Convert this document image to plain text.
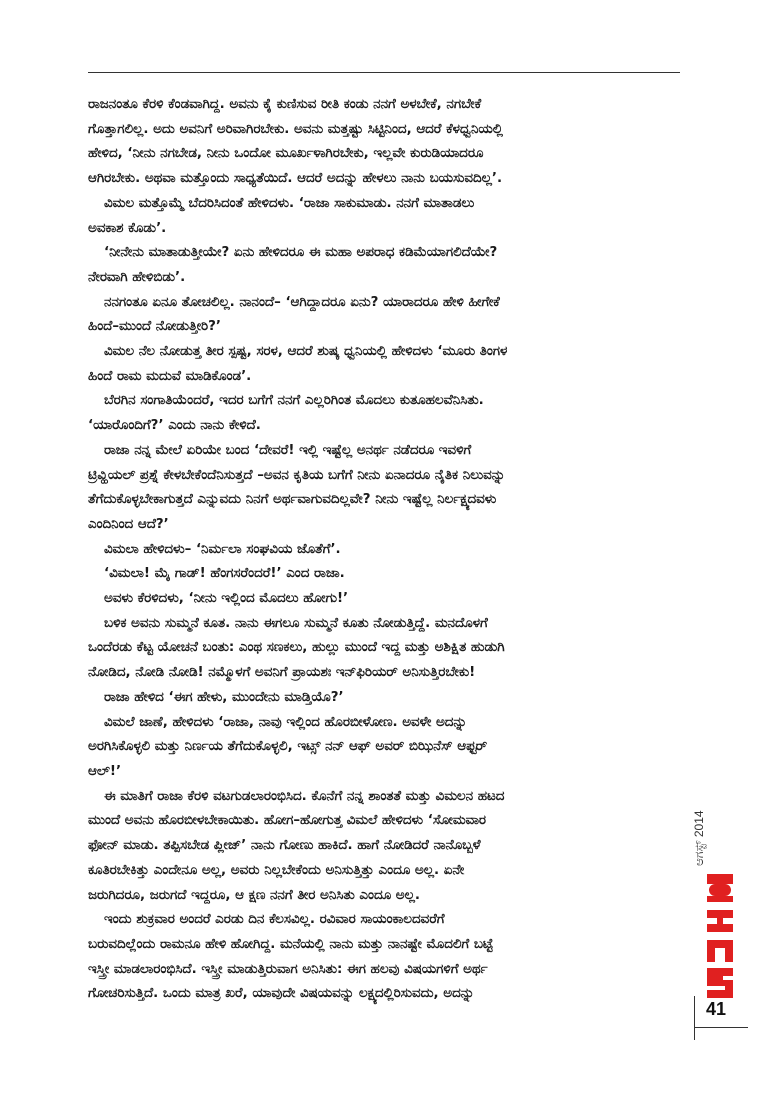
ರಾಜನಂತೂ ಕೆರಳಿ ಕೆಂಡವಾಗಿದ್ದ. ಅವನು ಕೈ ಕುಣಿಸುವ ರೀತಿ ಕಂಡು ನನಗೆ ಅಳಬೇಕೆ, ನಗಬೇಕೆ
ಗೊತ್ತಾಗಲಿಲ್ಲ. ಅದು ಅವನಿಗೆ ಅರಿವಾಗಿರಬೇಕು. ಅವನು ಮತ್ತಷ್ಟು ಸಿಟ್ಟಿನಿಂದ, ಆದರೆ ಕೆಳಧ್ವನಿಯಲ್ಲಿ
ಹೇಳಿದ, ‘ನೀನು ನಗಬೇಡ, ನೀನು ಒಂದೋ ಮೂರ್ಖಳಾಗಿರಬೇಕು, ಇಲ್ಲವೇ ಕುರುಡಿಯಾದರೂ
ಆಗಿರಬೇಕು. ಅಥವಾ ಮತ್ತೊಂದು ಸಾಧ್ಯತೆಯಿದೆ. ಆದರೆ ಅದನ್ನು ಹೇಳಲು ನಾನು ಬಯಸುವದಿಲ್ಲ’.
ವಿಮಲ ಮತ್ತೊಮ್ಮೆ ಬೆದರಿಸಿದಂತೆ ಹೇಳಿದಳು. ‘ರಾಜಾ ಸಾಕುಮಾಡು. ನನಗೆ ಮಾತಾಡಲು
ಅವಕಾಶ ಕೊಡು’.
‘ನೀನೇನು ಮಾತಾಡುತ್ತೀಯೇ? ಏನು ಹೇಳಿದರೂ ಈ ಮಹಾ ಅಪರಾಧ ಕಡಿಮೆಯಾಗಲಿದೆಯೇ?
ನೇರವಾಗಿ ಹೇಳಿಬಿಡು’.
ನನಗಂತೂ ಏನೂ ತೋಚಲಿಲ್ಲ. ನಾನಂದೆ– ‘ಆಗಿದ್ದಾದರೂ ಏನು? ಯಾರಾದರೂ ಹೇಳಿ ಹೀಗೇಕೆ
ಹಿಂದೆ–ಮುಂದೆ ನೋಡುತ್ತೀರಿ?’
ವಿಮಲ ನೆಲ ನೋಡುತ್ತ ತೀರ ಸ್ಪಷ್ಟ, ಸರಳ, ಆದರೆ ಶುಷ್ಕ ಧ್ವನಿಯಲ್ಲಿ ಹೇಳಿದಳು ‘ಮೂರು ತಿಂಗಳ
ಹಿಂದೆ ರಾಮ ಮದುವೆ ಮಾಡಿಕೊಂಡ’.
ಬೆರಗಿನ ಸಂಗಾತಿಯೆಂದರೆ, ಇದರ ಬಗೆಗೆ ನನಗೆ ಎಲ್ಲರಿಗಿಂತ ಮೊದಲು ಕುತೂಹಲವೆನಿಸಿತು.
‘ಯಾರೊಂದಿಗೆ?’ ಎಂದು ನಾನು ಕೇಳಿದೆ.
ರಾಜಾ ನನ್ನ ಮೇಲೆ ಏರಿಯೇ ಬಂದ ‘ದೇವರೆ! ಇಲ್ಲಿ ಇಷ್ಟೆಲ್ಲ ಅನರ್ಥ ನಡೆದರೂ ಇವಳಿಗೆ
ಟ್ರಿವ್ಹಿಯಲ್ ಪ್ರಶ್ನೆ ಕೇಳಬೇಕೆಂದೆನಿಸುತ್ತದೆ –ಅವನ ಕೃತಿಯ ಬಗೆಗೆ ನೀನು ಏನಾದರೂ ನೈತಿಕ ನಿಲುವನ್ನು
ತೆಗೆದುಕೊಳ್ಳಬೇಕಾಗುತ್ತದೆ ಎನ್ನುವದು ನಿನಗೆ ಅರ್ಥವಾಗುವದಿಲ್ಲವೇ? ನೀನು ಇಷ್ಟೆಲ್ಲ ನಿರ್ಲಕ್ಷ್ಯದವಳು
ಎಂದಿನಿಂದ ಆದೆ?’
ವಿಮಲಾ ಹೇಳಿದಳು– ‘ನಿರ್ಮಲಾ ಸಂಘವಿಯ ಜೊತೆಗೆ’.
‘ವಿಮಲಾ! ಮೈ ಗಾಡ್! ಹೆಂಗಸರೆಂದರೆ!’ ಎಂದ ರಾಜಾ.
ಅವಳು ಕೆರಳಿದಳು, ‘ನೀನು ಇಲ್ಲಿಂದ ಮೊದಲು ಹೋಗು!’
ಬಳಿಕ ಅವನು ಸುಮ್ಮನೆ ಕೂತ. ನಾನು ಈಗಲೂ ಸುಮ್ಮನೆ ಕೂತು ನೋಡುತ್ತಿದ್ದೆ. ಮನದೊಳಗೆ
ಒಂದೆರಡು ಕೆಟ್ಟ ಯೋಚನೆ ಬಂತು: ಎಂಥ ಸಣಕಲು, ಹುಲ್ಲು ಮುಂದೆ ಇದ್ದ ಮತ್ತು ಅಶಿಕ್ಷಿತ ಹುಡುಗಿ
ನೋಡಿದ, ನೋಡಿ ನೋಡಿ! ನಮ್ಮೊಳಗೆ ಅವನಿಗೆ ಪ್ರಾಯಶಃ ಇನ್‌ಫಿರಿಯರ್ ಅನಿಸುತ್ತಿರಬೇಕು!
ರಾಜಾ ಹೇಳಿದ ‘ಈಗ ಹೇಳು, ಮುಂದೇನು ಮಾಡ್ತಿಯೊ?’
ವಿಮಲೆ ಜಾಣೆ, ಹೇಳಿದಳು ‘ರಾಜಾ, ನಾವು ಇಲ್ಲಿಂದ ಹೊರಬೀಳೋಣ. ಅವಳೇ ಅದನ್ನು
ಅರಗಿಸಿಕೊಳ್ಳಲಿ ಮತ್ತು ನಿರ್ಣಯ ತೆಗೆದುಕೊಳ್ಳಲಿ, ಇಟ್ಸ್ ನನ್ ಆಫ್ ಅವರ್ ಬಿಝಿನೆಸ್ ಆಫ್ಟರ್
ಆಲ್!’
ಈ ಮಾತಿಗೆ ರಾಜಾ ಕೆರಳಿ ವಟಗುಡಲಾರಂಭಿಸಿದ. ಕೊನೆಗೆ ನನ್ನ ಶಾಂತತೆ ಮತ್ತು ವಿಮಲನ ಹಟದ
ಮುಂದೆ ಅವನು ಹೊರಬೀಳಬೇಕಾಯಿತು. ಹೋಗ–ಹೋಗುತ್ತ ವಿಮಲೆ ಹೇಳಿದಳು ‘ಸೋಮವಾರ
ಫೋನ್ ಮಾಡು. ತಪ್ಪಿಸಬೇಡ ಪ್ಲೀಜ್’ ನಾನು ಗೋಣು ಹಾಕಿದೆ. ಹಾಗೆ ನೋಡಿದರೆ ನಾನೊಬ್ಬಳೆ
ಕೂತಿರಬೇಕಿತ್ತು ಎಂದೇನೂ ಅಲ್ಲ, ಅವರು ನಿಲ್ಲಬೇಕೆಂದು ಅನಿಸುತ್ತಿತ್ತು ಎಂದೂ ಅಲ್ಲ. ಏನೇ
ಜರುಗಿದರೂ, ಜರುಗದೆ ಇದ್ದರೂ, ಆ ಕ್ಷಣ ನನಗೆ ತೀರ ಅನಿಸಿತು ಎಂದೂ ಅಲ್ಲ.
ಇಂದು ಶುಕ್ರವಾರ ಅಂದರೆ ಎರಡು ದಿನ ಕೆಲಸವಿಲ್ಲ. ರವಿವಾರ ಸಾಯಂಕಾಲದವರೆಗೆ
ಬರುವದಿಲ್ಲೆಂದು ರಾಮನೂ ಹೇಳಿ ಹೋಗಿದ್ದ. ಮನೆಯಲ್ಲಿ ನಾನು ಮತ್ತು ನಾನಷ್ಟೇ ಮೊದಲಿಗೆ ಬಟ್ಟೆ
ಇಸ್ತ್ರೀ ಮಾಡಲಾರಂಭಿಸಿದೆ. ಇಸ್ತ್ರೀ ಮಾಡುತ್ತಿರುವಾಗ ಅನಿಸಿತು: ಈಗ ಹಲವು ವಿಷಯಗಳಿಗೆ ಅರ್ಥ
ಗೋಚರಿಸುತ್ತಿದೆ. ಒಂದು ಮಾತ್ರ ಖರೆ, ಯಾವುದೇ ವಿಷಯವನ್ನು ಲಕ್ಷ್ಯದಲ್ಲಿರಿಸುವದು, ಅದನ್ನು
ಆಗಸ್ಟ್ 2014
41
